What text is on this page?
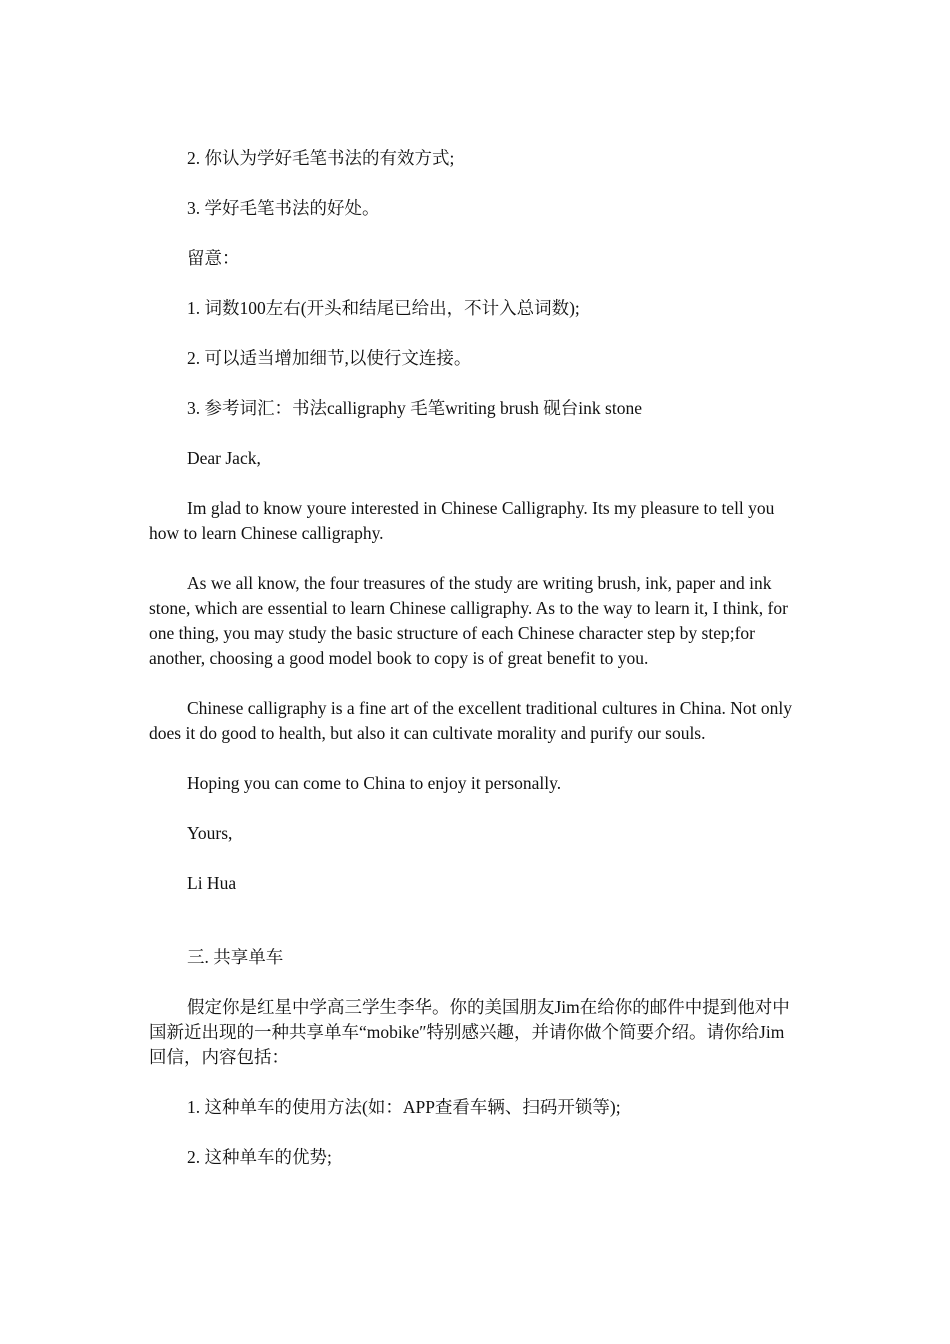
2. 你认为学好毛笔书法的有效方式;

3. 学好毛笔书法的好处。

留意：

1. 词数100左右(开头和结尾已给出，不计入总词数);

2. 可以适当增加细节,以使行文连接。

3. 参考词汇：书法calligraphy 毛笔writing brush 砚台ink stone

Dear Jack,

Im glad to know youre interested in Chinese Calligraphy. Its my pleasure to tell you how to learn Chinese calligraphy.

As we all know, the four treasures of the study are writing brush, ink, paper and ink stone, which are essential to learn Chinese calligraphy. As to the way to learn it, I think, for one thing, you may study the basic structure of each Chinese character step by step;for another, choosing a good model book to copy is of great benefit to you.

Chinese calligraphy is a fine art of the excellent traditional cultures in China. Not only does it do good to health, but also it can cultivate morality and purify our souls.

Hoping you can come to China to enjoy it personally.

Yours,

Li Hua

三. 共享单车

假定你是红星中学高三学生李华。你的美国朋友Jim在给你的邮件中提到他对中国新近出现的一种共享单车“mobike″特别感兴趣，并请你做个简要介绍。请你给Jim回信，内容包括：

1. 这种单车的使用方法(如：APP查看车辆、扫码开锁等);

2. 这种单车的优势;
